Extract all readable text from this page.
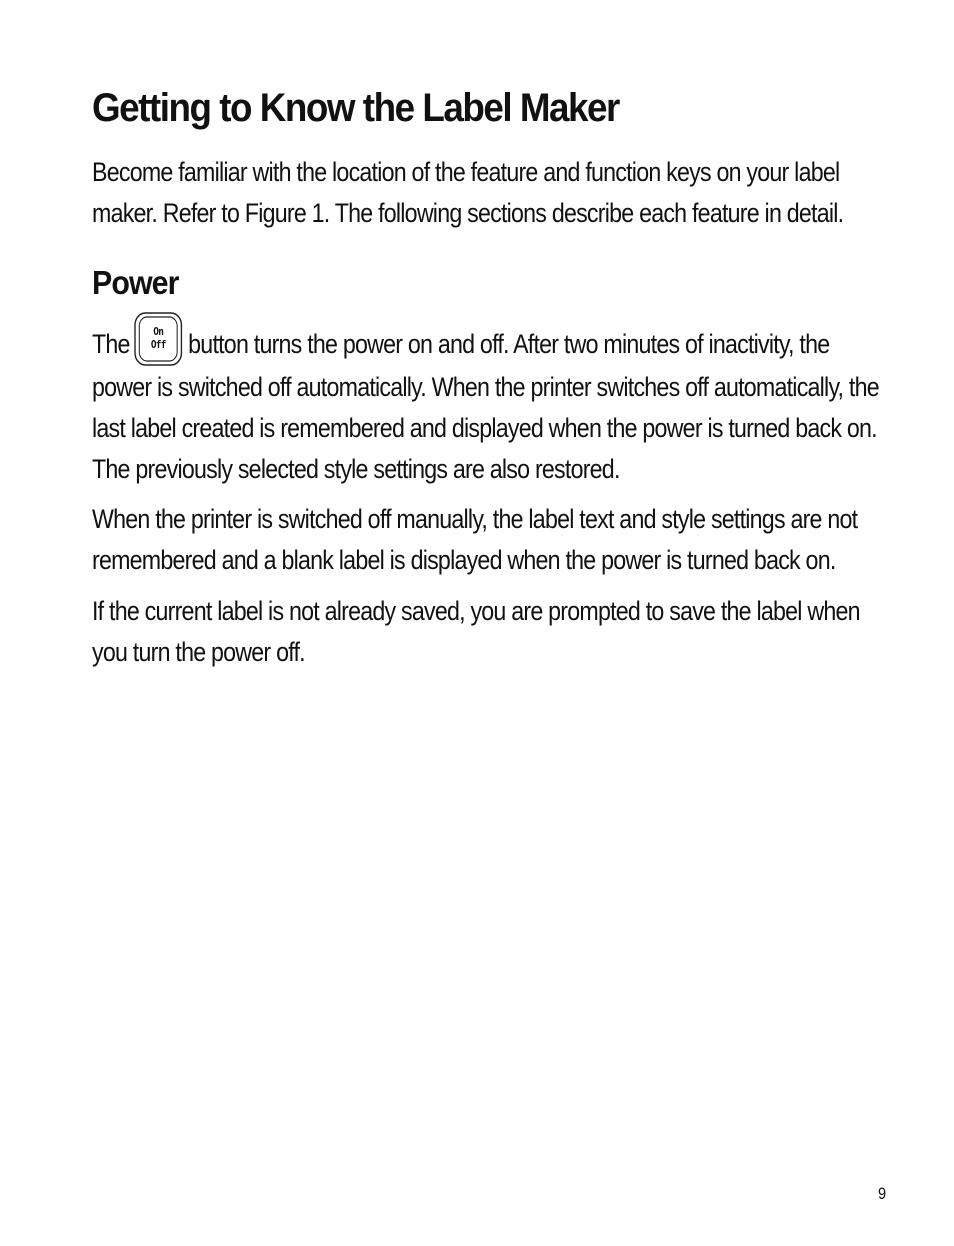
Getting to Know the Label Maker

Become familiar with the location of the feature and function keys on your label maker. Refer to Figure 1. The following sections describe each feature in detail.

Power

The On
Off button turns the power on and off. After two minutes of inactivity, the power is switched off automatically. When the printer switches off automatically, the last label created is remembered and displayed when the power is turned back on. The previously selected style settings are also restored.

When the printer is switched off manually, the label text and style settings are not remembered and a blank label is displayed when the power is turned back on.

If the current label is not already saved, you are prompted to save the label when you turn the power off.

9
